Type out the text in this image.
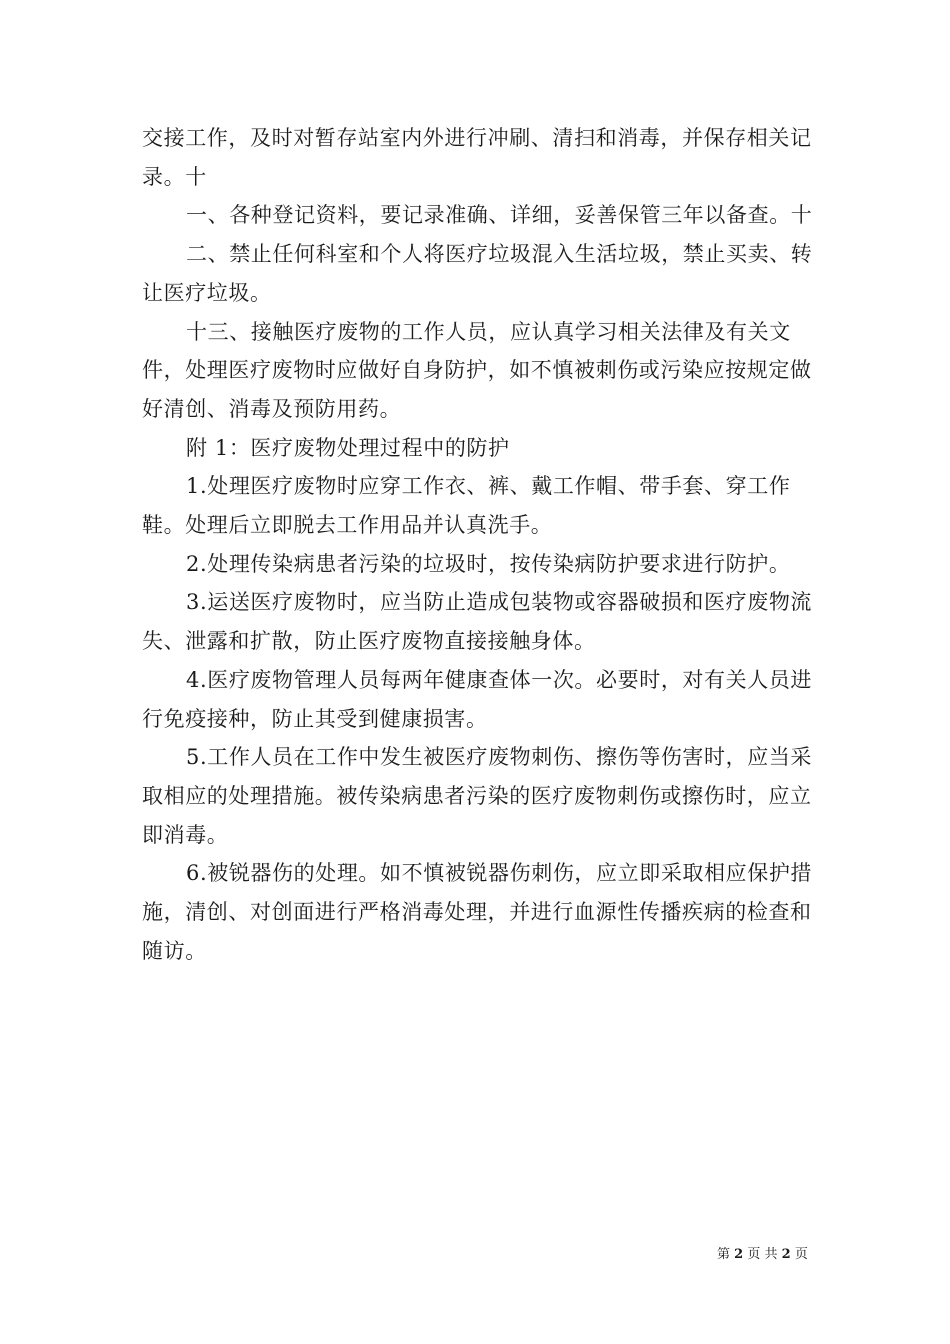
交接工作，及时对暂存站室内外进行冲刷、清扫和消毒，并保存相关记录。十

一、各种登记资料，要记录准确、详细，妥善保管三年以备查。十

二、禁止任何科室和个人将医疗垃圾混入生活垃圾，禁止买卖、转让医疗垃圾。

十三、接触医疗废物的工作人员，应认真学习相关法律及有关文件，处理医疗废物时应做好自身防护，如不慎被刺伤或污染应按规定做好清创、消毒及预防用药。

附 1：医疗废物处理过程中的防护

1.处理医疗废物时应穿工作衣、裤、戴工作帽、带手套、穿工作鞋。处理后立即脱去工作用品并认真洗手。

2.处理传染病患者污染的垃圾时，按传染病防护要求进行防护。

3.运送医疗废物时，应当防止造成包装物或容器破损和医疗废物流失、泄露和扩散，防止医疗废物直接接触身体。

4.医疗废物管理人员每两年健康查体一次。必要时，对有关人员进行免疫接种，防止其受到健康损害。

5.工作人员在工作中发生被医疗废物刺伤、擦伤等伤害时，应当采取相应的处理措施。被传染病患者污染的医疗废物刺伤或擦伤时，应立即消毒。

6.被锐器伤的处理。如不慎被锐器伤刺伤，应立即采取相应保护措施，清创、对创面进行严格消毒处理，并进行血源性传播疾病的检查和随访。

第 2 页 共 2 页
